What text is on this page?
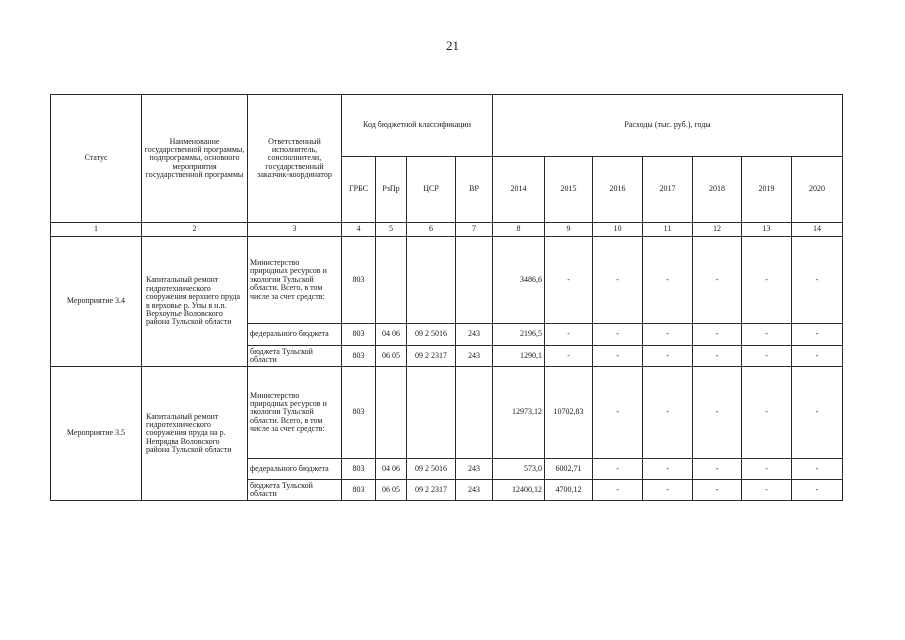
21
Статус	Наименование государственной программы, подпрограммы, основного мероприятия государственной программы	Ответственный исполнитель, соисполнители, государственный заказчик-координатор	Код бюджетной классификации				Расходы (тыс. руб.), годы						
			ГРБС	РзПр	ЦСР	ВР	2014	2015	2016	2017	2018	2019	2020
1	2	3	4	5	6	7	8	9	10	11	12	13	14
Мероприятие 3.4	Капитальный ремонт гидротехнического сооружения верхнего пруда в верховье р. Упы в н.п. Верхоупье Воловского района Тульской области	Министерство природных ресурсов и экологии Тульской области. Всего, в том числе за счет средств:	803				3486,6	-	-	-	-	-	-
		федерального бюджета	803	04 06	09 2 5016	243	2196,5	-	-	-	-	-	-
		бюджета Тульской области	803	06 05	09 2 2317	243	1290,1	-	-	-	-	-	-
Мероприятие 3.5	Капитальный ремонт гидротехнического сооружения пруда на р. Непрядва Воловского района Тульской области	Министерство природных ресурсов и экологии Тульской области. Всего, в том числе за счет средств:	803				12973,12	10702,83	-	-	-	-	-
		федерального бюджета	803	04 06	09 2 5016	243	573,0	6002,71	-	-	-	-	-
		бюджета Тульской области	803	06 05	09 2 2317	243	12400,12	4700,12	-	-	-	-	-
